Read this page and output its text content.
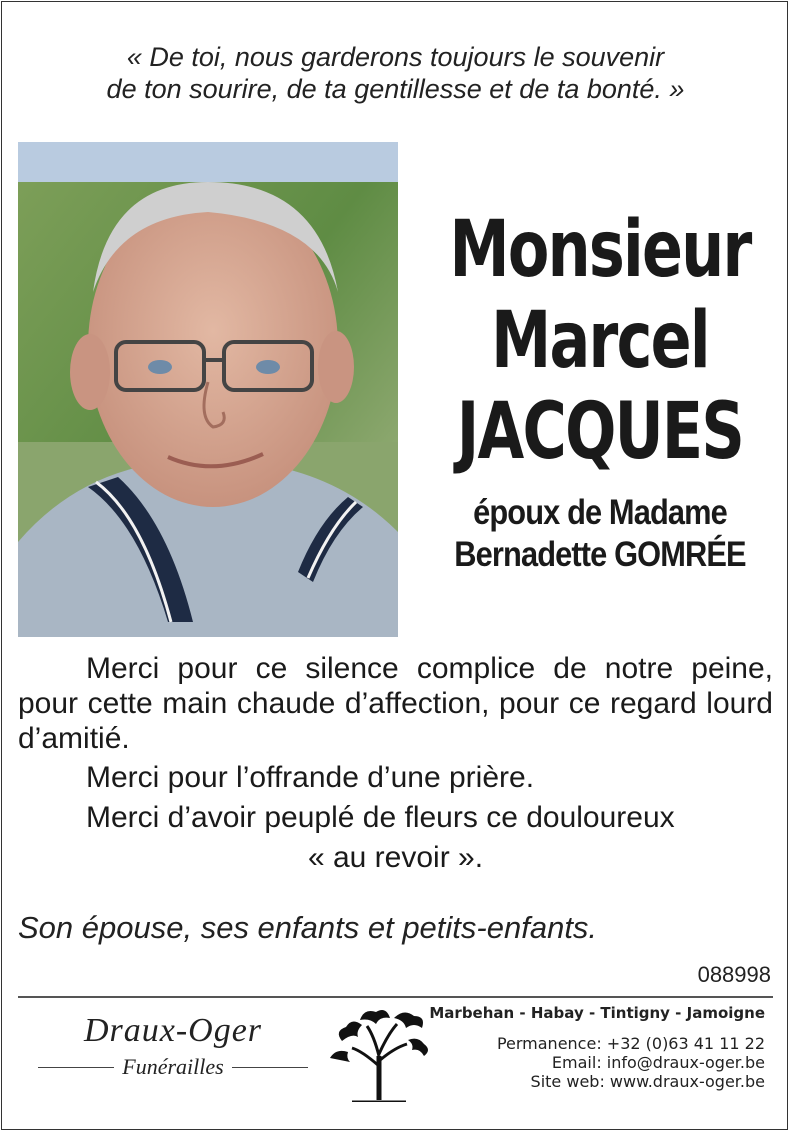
« De toi, nous garderons toujours le souvenir
de ton sourire, de ta gentillesse et de ta bonté. »
Monsieur
Marcel
JACQUES
époux de Madame
Bernadette GOMRÉE

Merci pour ce silence complice de notre peine, pour cette main chaude d’affection, pour ce regard lourd d’amitié.

Merci pour l’offrande d’une prière.

Merci d’avoir peuplé de fleurs ce douloureux

« au revoir ».

Son épouse, ses enfants et petits-enfants.
088998
Draux-Oger
Funérailles
Marbehan - Habay - Tintigny - Jamoigne
Permanence: +32 (0)63 41 11 22
Email: info@draux-oger.be
Site web: www.draux-oger.be
